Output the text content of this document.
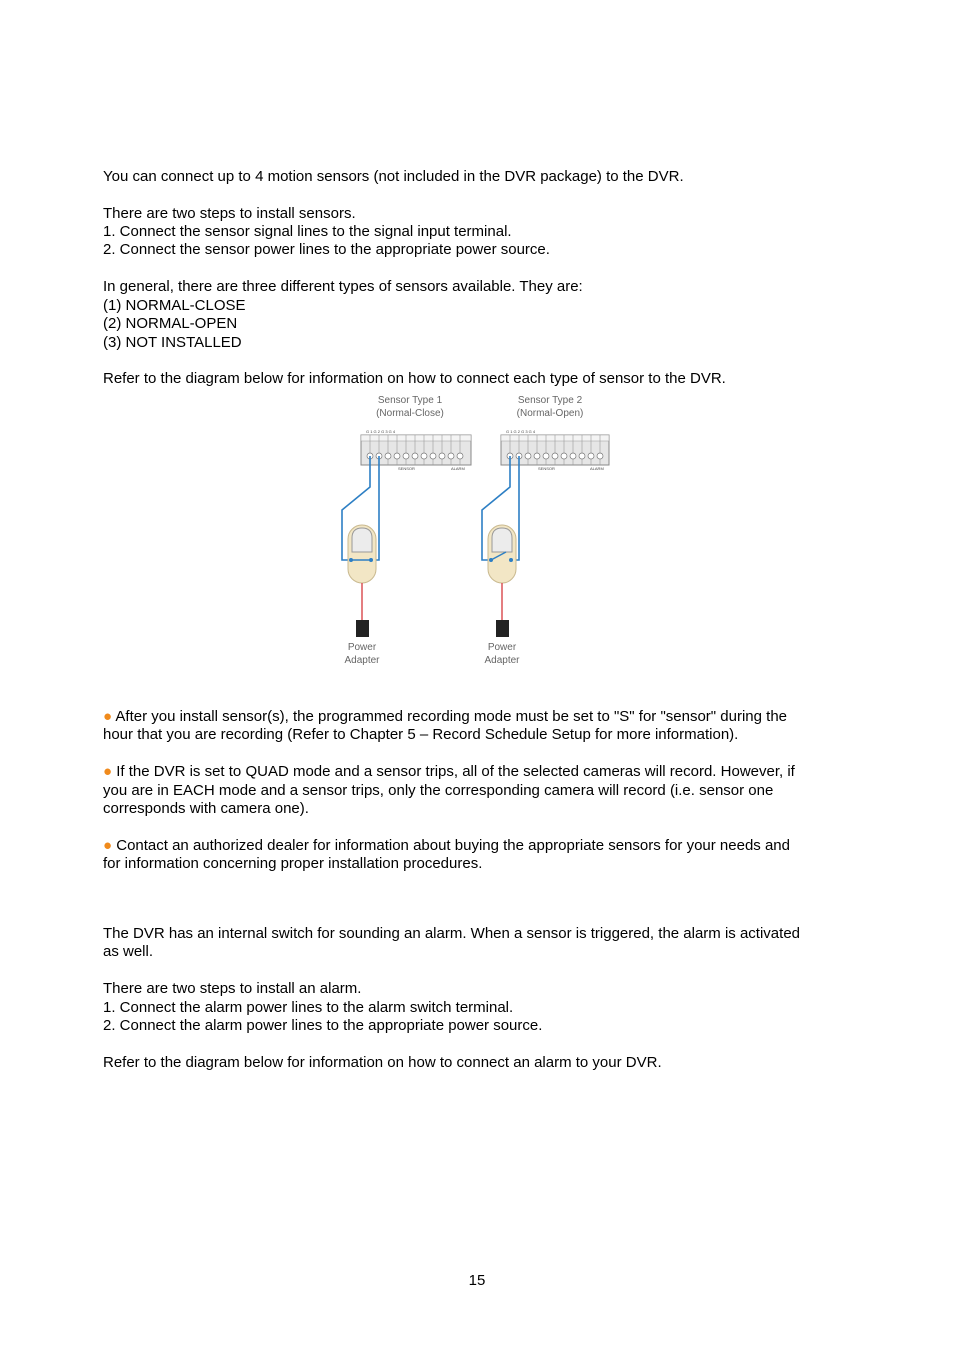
You can connect up to 4 motion sensors (not included in the DVR package) to the DVR.
There are two steps to install sensors.
1. Connect the sensor signal lines to the signal input terminal.
2. Connect the sensor power lines to the appropriate power source.
In general, there are three different types of sensors available. They are:
(1) NORMAL-CLOSE
(2) NORMAL-OPEN
(3) NOT INSTALLED
Refer to the diagram below for information on how to connect each type of sensor to the DVR.
Sensor Type 1
(Normal-Close)
G 1 G 2 G 3 G 4
SENSOR	ALARM
Power
Adapter
Sensor Type 2
(Normal-Open)
G 1 G 2 G 3 G 4
SENSOR	ALARM
Power
Adapter
● After you install sensor(s), the programmed recording mode must be set to "S" for "sensor" during the
hour that you are recording (Refer to Chapter 5 – Record Schedule Setup for more information).
● If the DVR is set to QUAD mode and a sensor trips, all of the selected cameras will record. However, if
you are in EACH mode and a sensor trips, only the corresponding camera will record (i.e. sensor one
corresponds with camera one).
● Contact an authorized dealer for information about buying the appropriate sensors for your needs and
for information concerning proper installation procedures.
The DVR has an internal switch for sounding an alarm. When a sensor is triggered, the alarm is activated
as well.
There are two steps to install an alarm.
1. Connect the alarm power lines to the alarm switch terminal.
2. Connect the alarm power lines to the appropriate power source.
Refer to the diagram below for information on how to connect an alarm to your DVR.
15
